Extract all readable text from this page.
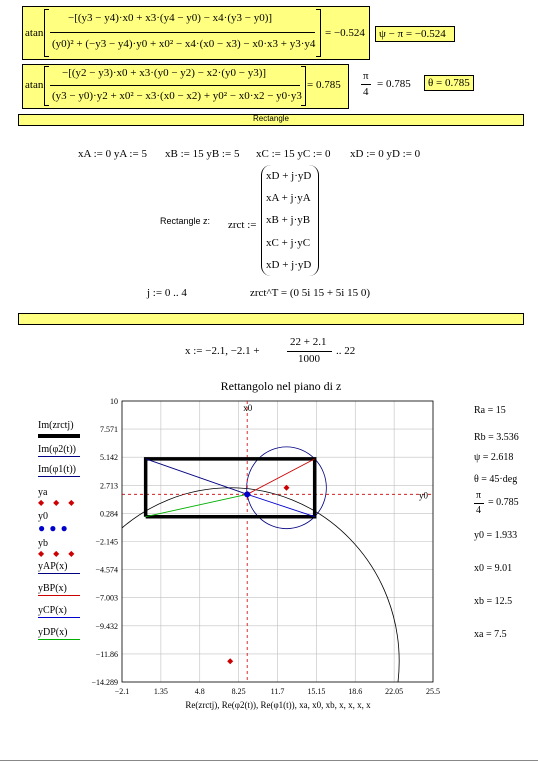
atan
−[(y3 − y4)·x0 + x3·(y4 − y0) − x4·(y3 − y0)]
(y0)² + (−y3 − y4)·y0 + x0² − x4·(x0 − x3) − x0·x3 + y3·y4
= −0.524	ψ − π = −0.524
atan
−[(y2 − y3)·x0 + x3·(y0 − y2) − x2·(y0 − y3)]
(y3 − y0)·y2 + x0² − x3·(x0 − x2) + y0² − x0·x2 − y0·y3
= 0.785
π
4
= 0.785	θ = 0.785
Rectangle
xA := 0 yA := 5 xB := 15 yB := 5 xC := 15 yC := 0 xD := 0 yD := 0
Rectangle z: zrct :=
xD + j·yD
xA + j·yA
xB + j·yB
xC + j·yC
xD + j·yD
j := 0 .. 4	zrct^T = (0 5i 15 + 5i 15 0)
x := −2.1, −2.1 +
22 + 2.1
1000
.. 22
Rettangolo nel piano di z
10
7.571
5.142
2.713
0.284
−2.145
−4.574
−7.003
−9.432
−11.86
−14.289
−2.1	1.35	4.8	8.25	11.7	15.15	18.6	22.05	25.5
x0
y0
Re(zrctj), Re(φ2(t)), Re(φ1(t)), xa, x0, xb, x, x, x, x
Im(zrctj)
Im(φ2(t))
Im(φ1(t))
ya
◆◆◆
y0
●●●
yb
◆◆◆
yAP(x)
yBP(x)
yCP(x)
yDP(x)
Ra = 15
Rb = 3.536
ψ = 2.618
θ = 45·deg
π
4
= 0.785
y0 = 1.933
x0 = 9.01
xb = 12.5
xa = 7.5
